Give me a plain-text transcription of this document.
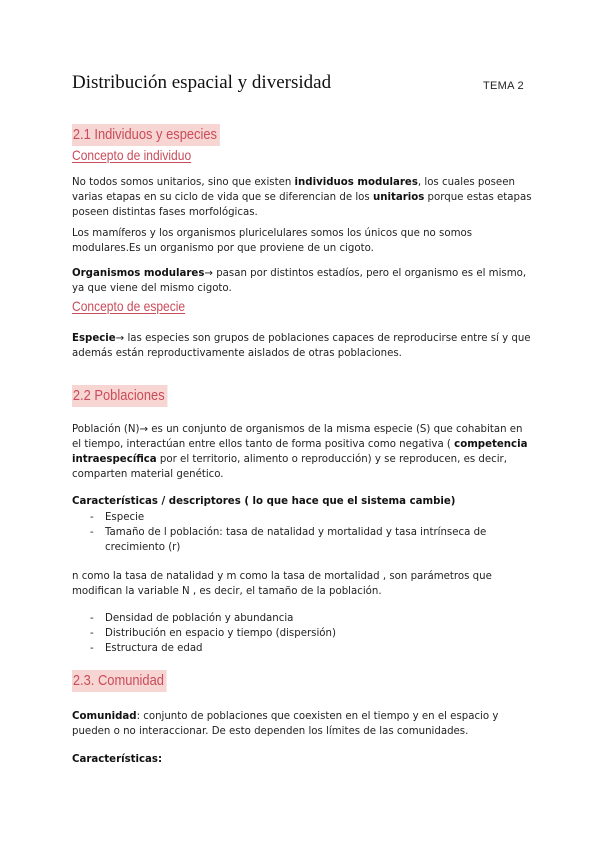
Distribución espacial y diversidad	TEMA 2
2.1 Individuos y especies
Concepto de individuo

No todos somos unitarios, sino que existen individuos modulares, los cuales poseen varias etapas en su ciclo de vida que se diferencian de los unitarios porque estas etapas poseen distintas fases morfológicas.

Los mamíferos y los organismos pluricelulares somos los únicos que no somos modulares.Es un organismo por que proviene de un cigoto.

Organismos modulares→ pasan por distintos estadíos, pero el organismo es el mismo, ya que viene del mismo cigoto.

Concepto de especie

Especie→ las especies son grupos de poblaciones capaces de reproducirse entre sí y que además están reproductivamente aislados de otras poblaciones.

2.2 Poblaciones

Población (N)→ es un conjunto de organismos de la misma especie (S) que cohabitan en el tiempo, interactúan entre ellos tanto de forma positiva como negativa ( competencia intraespecífica por el territorio, alimento o reproducción) y se reproducen, es decir, comparten material genético.

Características / descriptores ( lo que hace que el sistema cambie)

- Especie
- Tamaño de l población: tasa de natalidad y mortalidad y tasa intrínseca de crecimiento (r)

n como la tasa de natalidad y m como la tasa de mortalidad , son parámetros que modifican la variable N , es decir, el tamaño de la población.

- Densidad de población y abundancia
- Distribución en espacio y tiempo (dispersión)
- Estructura de edad
2.3. Comunidad

Comunidad: conjunto de poblaciones que coexisten en el tiempo y en el espacio y pueden o no interaccionar. De esto dependen los límites de las comunidades.

Características:
